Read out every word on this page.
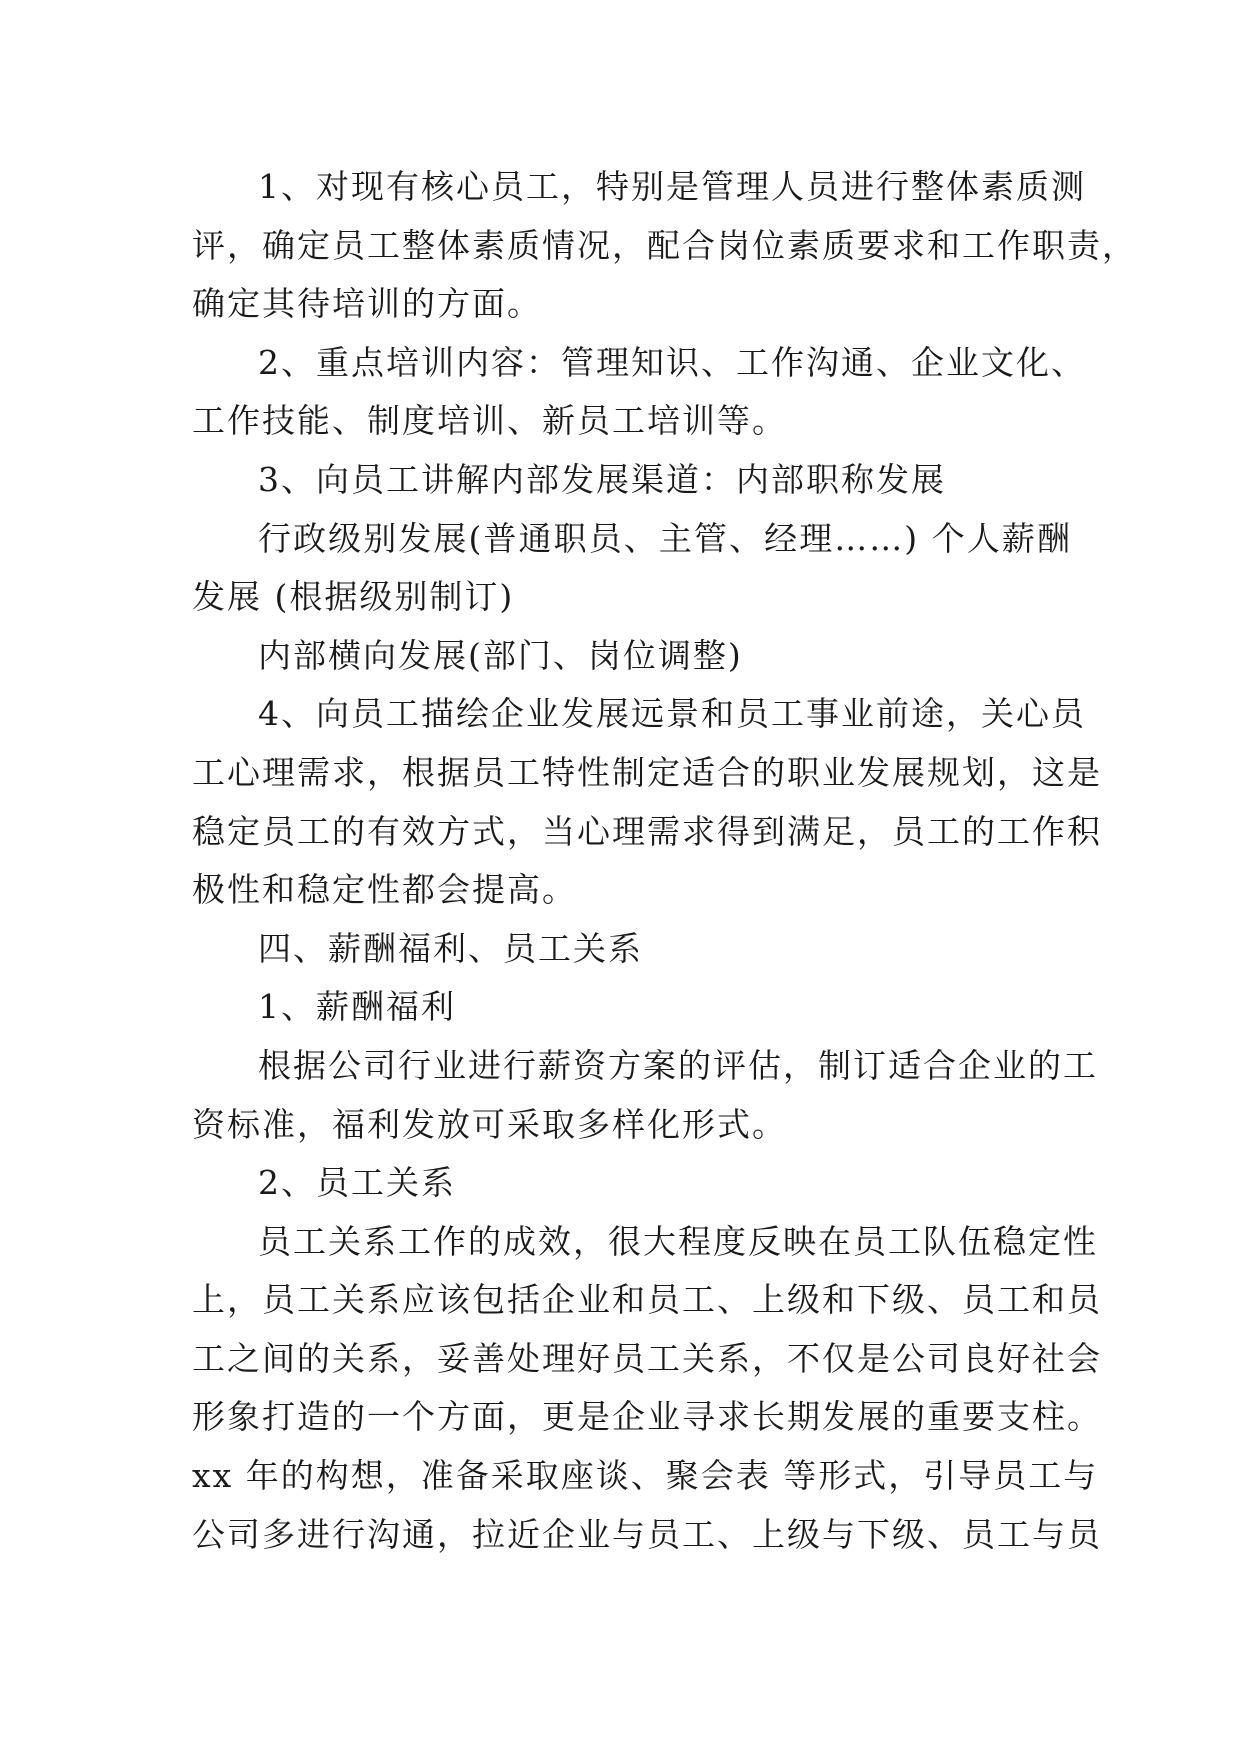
1、对现有核心员工，特别是管理人员进行整体素质测
评，确定员工整体素质情况，配合岗位素质要求和工作职责，
确定其待培训的方面。
2、重点培训内容：管理知识、工作沟通、企业文化、
工作技能、制度培训、新员工培训等。
3、向员工讲解内部发展渠道：内部职称发展
行政级别发展(普通职员、主管、经理……) 个人薪酬
发展 (根据级别制订)
内部横向发展(部门、岗位调整)
4、向员工描绘企业发展远景和员工事业前途，关心员
工心理需求，根据员工特性制定适合的职业发展规划，这是
稳定员工的有效方式，当心理需求得到满足，员工的工作积
极性和稳定性都会提高。
四、薪酬福利、员工关系
1、薪酬福利
根据公司行业进行薪资方案的评估，制订适合企业的工
资标准，福利发放可采取多样化形式。
2、员工关系
员工关系工作的成效，很大程度反映在员工队伍稳定性
上，员工关系应该包括企业和员工、上级和下级、员工和员
工之间的关系，妥善处理好员工关系，不仅是公司良好社会
形象打造的一个方面，更是企业寻求长期发展的重要支柱。
xx 年的构想，准备采取座谈、聚会表 等形式，引导员工与
公司多进行沟通，拉近企业与员工、上级与下级、员工与员
